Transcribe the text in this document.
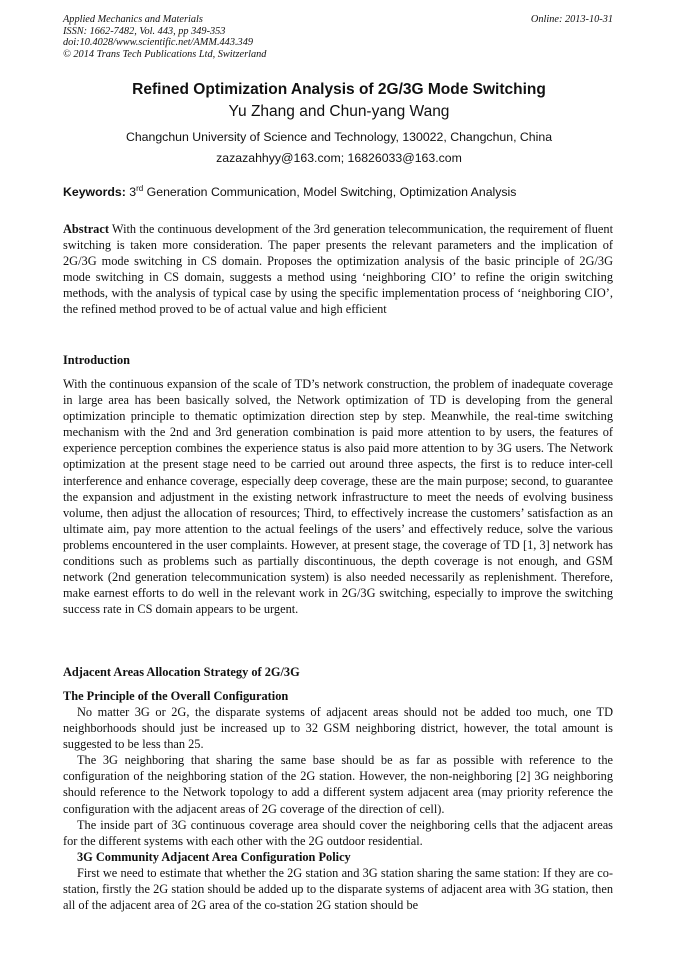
Applied Mechanics and Materials
ISSN: 1662-7482, Vol. 443, pp 349-353
doi:10.4028/www.scientific.net/AMM.443.349
© 2014 Trans Tech Publications Ltd, Switzerland
Online: 2013-10-31
Refined Optimization Analysis of 2G/3G Mode Switching
Yu Zhang and Chun-yang Wang
Changchun University of Science and Technology, 130022, Changchun, China
zazazahhyy@163.com; 16826033@163.com
Keywords: 3rd Generation Communication, Model Switching, Optimization Analysis
Abstract With the continuous development of the 3rd generation telecommunication, the requirement of fluent switching is taken more consideration. The paper presents the relevant parameters and the implication of 2G/3G mode switching in CS domain. Proposes the optimization analysis of the basic principle of 2G/3G mode switching in CS domain, suggests a method using ‘neighboring CIO’ to refine the origin switching methods, with the analysis of typical case by using the specific implementation process of ‘neighboring CIO’, the refined method proved to be of actual value and high efficient
Introduction

With the continuous expansion of the scale of TD’s network construction, the problem of inadequate coverage in large area has been basically solved, the Network optimization of TD is developing from the general optimization principle to thematic optimization direction step by step. Meanwhile, the real-time switching mechanism with the 2nd and 3rd generation combination is paid more attention to by users, the features of experience perception combines the experience status is also paid more attention to by 3G users. The Network optimization at the present stage need to be carried out around three aspects, the first is to reduce inter-cell interference and enhance coverage, especially deep coverage, these are the main purpose; second, to guarantee the expansion and adjustment in the existing network infrastructure to meet the needs of evolving business volume, then adjust the allocation of resources; Third, to effectively increase the customers’ satisfaction as an ultimate aim, pay more attention to the actual feelings of the users’ and effectively reduce, solve the various problems encountered in the user complaints. However, at present stage, the coverage of TD [1, 3] network has conditions such as problems such as partially discontinuous, the depth coverage is not enough, and GSM network (2nd generation telecommunication system) is also needed necessarily as replenishment. Therefore, make earnest efforts to do well in the relevant work in 2G/3G switching, especially to improve the switching success rate in CS domain appears to be urgent.

Adjacent Areas Allocation Strategy of 2G/3G
The Principle of the Overall Configuration

No matter 3G or 2G, the disparate systems of adjacent areas should not be added too much, one TD neighborhoods should just be increased up to 32 GSM neighboring district, however, the total amount is suggested to be less than 25.

The 3G neighboring that sharing the same base should be as far as possible with reference to the configuration of the neighboring station of the 2G station. However, the non-neighboring [2] 3G neighboring should reference to the Network topology to add a different system adjacent area (may priority reference the configuration with the adjacent areas of 2G coverage of the direction of cell).

The inside part of 3G continuous coverage area should cover the neighboring cells that the adjacent areas for the different systems with each other with the 2G outdoor residential.

3G Community Adjacent Area Configuration Policy

First we need to estimate that whether the 2G station and 3G station sharing the same station: If they are co-station, firstly the 2G station should be added up to the disparate systems of adjacent area with 3G station, then all of the adjacent area of 2G area of the co-station 2G station should be
